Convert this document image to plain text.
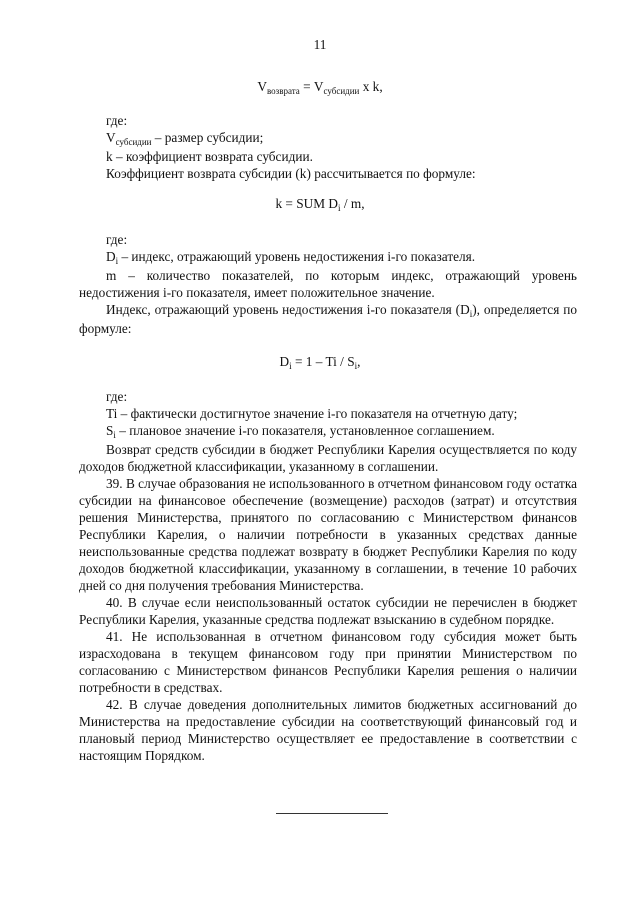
11
$V_{возврата} = V_{субсидии}$ x k,

где:

$V_{субсидии}$ – размер субсидии;

k – коэффициент возврата субсидии.

Коэффициент возврата субсидии (k) рассчитывается по формуле:

k = SUM $D_i$ / m,

где:

$D_i$ – индекс, отражающий уровень недостижения i-го показателя.

m – количество показателей, по которым индекс, отражающий уровень недостижения i-го показателя, имеет положительное значение.

Индекс, отражающий уровень недостижения i-го показателя $(D_i)$, определяется по формуле:

$D_i = 1 - Ti / S_i$,

где:

Ti – фактически достигнутое значение i-го показателя на отчетную дату;

$S_i$ – плановое значение i-го показателя, установленное соглашением.

Возврат средств субсидии в бюджет Республики Карелия осуществляется по коду доходов бюджетной классификации, указанному в соглашении.

39. В случае образования не использованного в отчетном финансовом году остатка субсидии на финансовое обеспечение (возмещение) расходов (затрат) и отсутствия решения Министерства, принятого по согласованию с Министерством финансов Республики Карелия, о наличии потребности в указанных средствах данные неиспользованные средства подлежат возврату в бюджет Республики Карелия по коду доходов бюджетной классификации, указанному в соглашении, в течение 10 рабочих дней со дня получения требования Министерства.

40. В случае если неиспользованный остаток субсидии не перечислен в бюджет Республики Карелия, указанные средства подлежат взысканию в судебном порядке.

41. Не использованная в отчетном финансовом году субсидия может быть израсходована в текущем финансовом году при принятии Министерством по согласованию с Министерством финансов Республики Карелия решения о наличии потребности в средствах.

42. В случае доведения дополнительных лимитов бюджетных ассигнований до Министерства на предоставление субсидии на соответствующий финансовый год и плановый период Министерство осуществляет ее предоставление в соответствии с настоящим Порядком.
